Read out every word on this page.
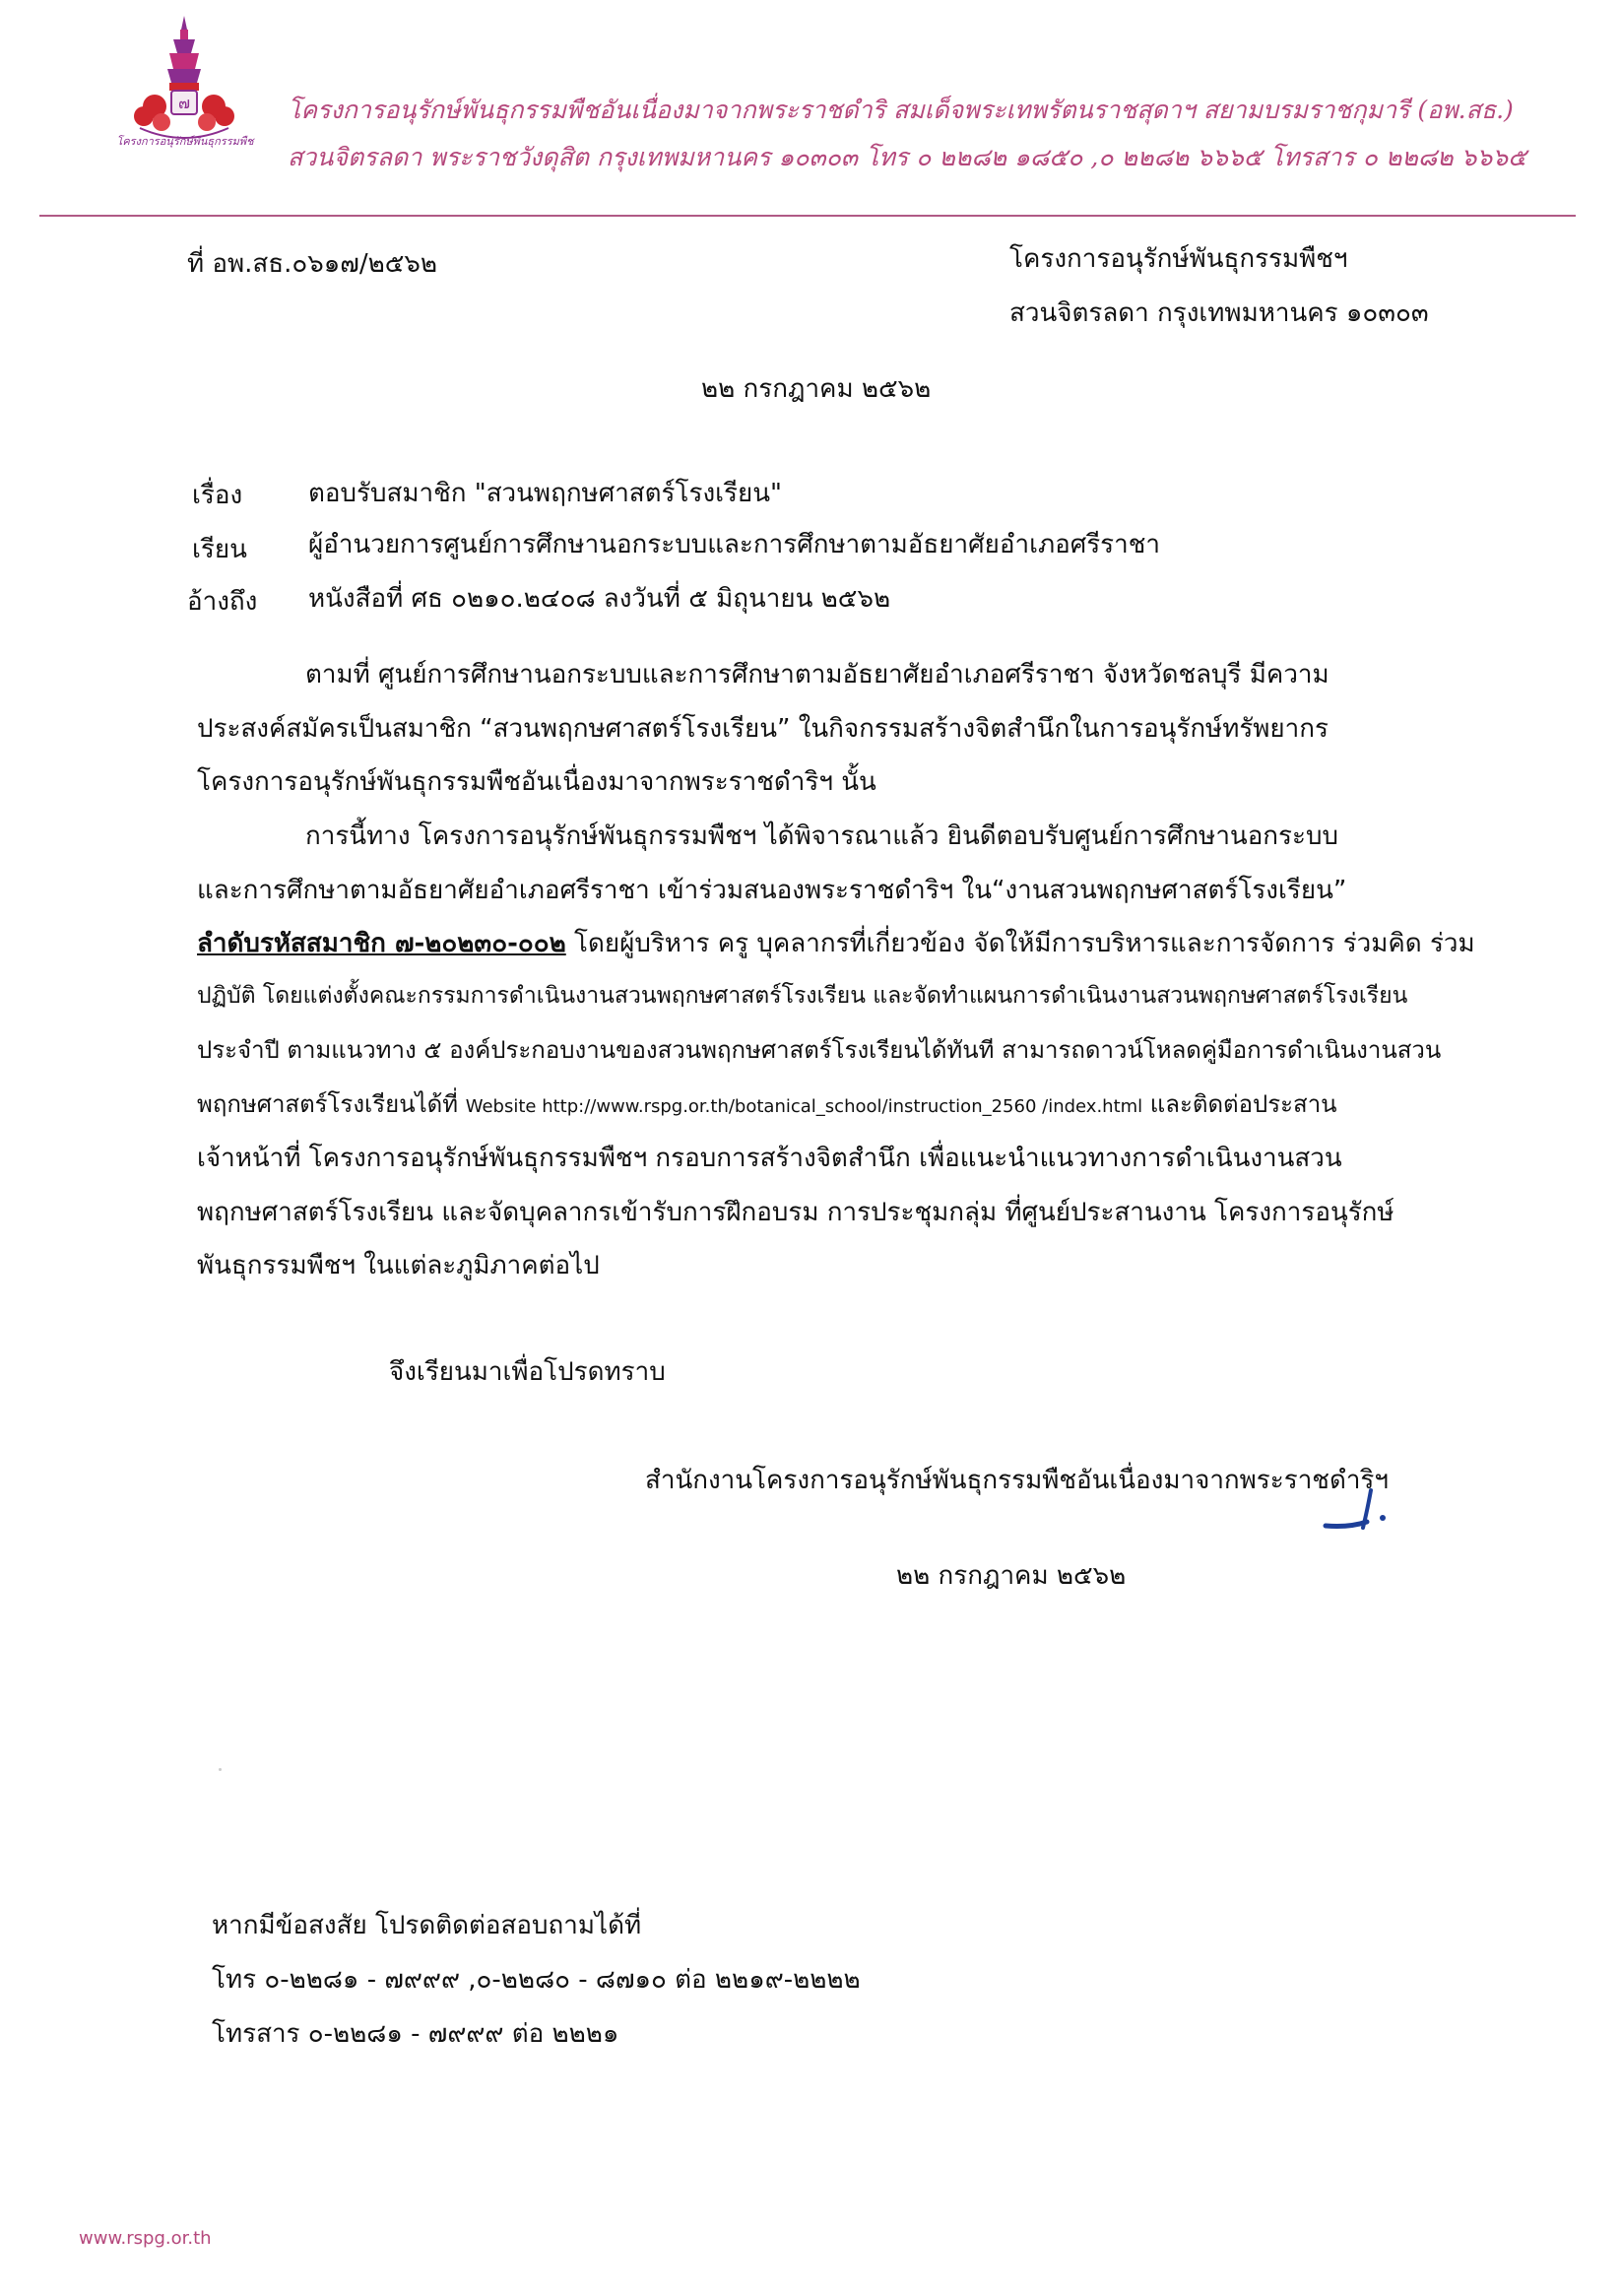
๗
โครงการอนุรักษ์พันธุกรรมพืช
โครงการอนุรักษ์พันธุกรรมพืชอันเนื่องมาจากพระราชดำริ สมเด็จพระเทพรัตนราชสุดาฯ สยามบรมราชกุมารี (อพ.สธ.)
สวนจิตรลดา พระราชวังดุสิต กรุงเทพมหานคร ๑๐๓๐๓ โทร ๐ ๒๒๘๒ ๑๘๕๐ ,๐ ๒๒๘๒ ๖๖๖๕ โทรสาร ๐ ๒๒๘๒ ๖๖๖๕
ที่ อพ.สธ.๐๖๑๗/๒๕๖๒	โครงการอนุรักษ์พันธุกรรมพืชฯ
สวนจิตรลดา กรุงเทพมหานคร ๑๐๓๐๓
๒๒ กรกฎาคม ๒๕๖๒
เรื่อง	ตอบรับสมาชิก "สวนพฤกษศาสตร์โรงเรียน"
เรียน ผู้อำนวยการศูนย์การศึกษานอกระบบและการศึกษาตามอัธยาศัยอำเภอศรีราชา
อ้างถึง หนังสือที่ ศธ ๐๒๑๐.๒๔๐๘ ลงวันที่ ๕ มิถุนายน ๒๕๖๒
ตามที่ ศูนย์การศึกษานอกระบบและการศึกษาตามอัธยาศัยอำเภอศรีราชา จังหวัดชลบุรี มีความ
ประสงค์สมัครเป็นสมาชิก “สวนพฤกษศาสตร์โรงเรียน” ในกิจกรรมสร้างจิตสำนึกในการอนุรักษ์ทรัพยากร
โครงการอนุรักษ์พันธุกรรมพืชอันเนื่องมาจากพระราชดำริฯ นั้น
การนี้ทาง โครงการอนุรักษ์พันธุกรรมพืชฯ ได้พิจารณาแล้ว ยินดีตอบรับศูนย์การศึกษานอกระบบ
และการศึกษาตามอัธยาศัยอำเภอศรีราชา เข้าร่วมสนองพระราชดำริฯ ใน“งานสวนพฤกษศาสตร์โรงเรียน”
ลำดับรหัสสมาชิก ๗-๒๐๒๓๐-๐๐๒ โดยผู้บริหาร ครู บุคลากรที่เกี่ยวข้อง จัดให้มีการบริหารและการจัดการ ร่วมคิด ร่วม
ปฏิบัติ โดยแต่งตั้งคณะกรรมการดำเนินงานสวนพฤกษศาสตร์โรงเรียน และจัดทำแผนการดำเนินงานสวนพฤกษศาสตร์โรงเรียน
ประจำปี ตามแนวทาง ๕ องค์ประกอบงานของสวนพฤกษศาสตร์โรงเรียนได้ทันที สามารถดาวน์โหลดคู่มือการดำเนินงานสวน
พฤกษศาสตร์โรงเรียนได้ที่ Website http://www.rspg.or.th/botanical_school/instruction_2560 /index.html และติดต่อประสาน
เจ้าหน้าที่ โครงการอนุรักษ์พันธุกรรมพืชฯ กรอบการสร้างจิตสำนึก เพื่อแนะนำแนวทางการดำเนินงานสวน
พฤกษศาสตร์โรงเรียน และจัดบุคลากรเข้ารับการฝึกอบรม การประชุมกลุ่ม ที่ศูนย์ประสานงาน โครงการอนุรักษ์
พันธุกรรมพืชฯ ในแต่ละภูมิภาคต่อไป
จึงเรียนมาเพื่อโปรดทราบ
สำนักงานโครงการอนุรักษ์พันธุกรรมพืชอันเนื่องมาจากพระราชดำริฯ
๒๒ กรกฎาคม ๒๕๖๒
หากมีข้อสงสัย โปรดติดต่อสอบถามได้ที่
โทร ๐-๒๒๘๑ - ๗๙๙๙ ,๐-๒๒๘๐ - ๘๗๑๐ ต่อ ๒๒๑๙-๒๒๒๒
โทรสาร ๐-๒๒๘๑ - ๗๙๙๙ ต่อ ๒๒๒๑
www.rspg.or.th
